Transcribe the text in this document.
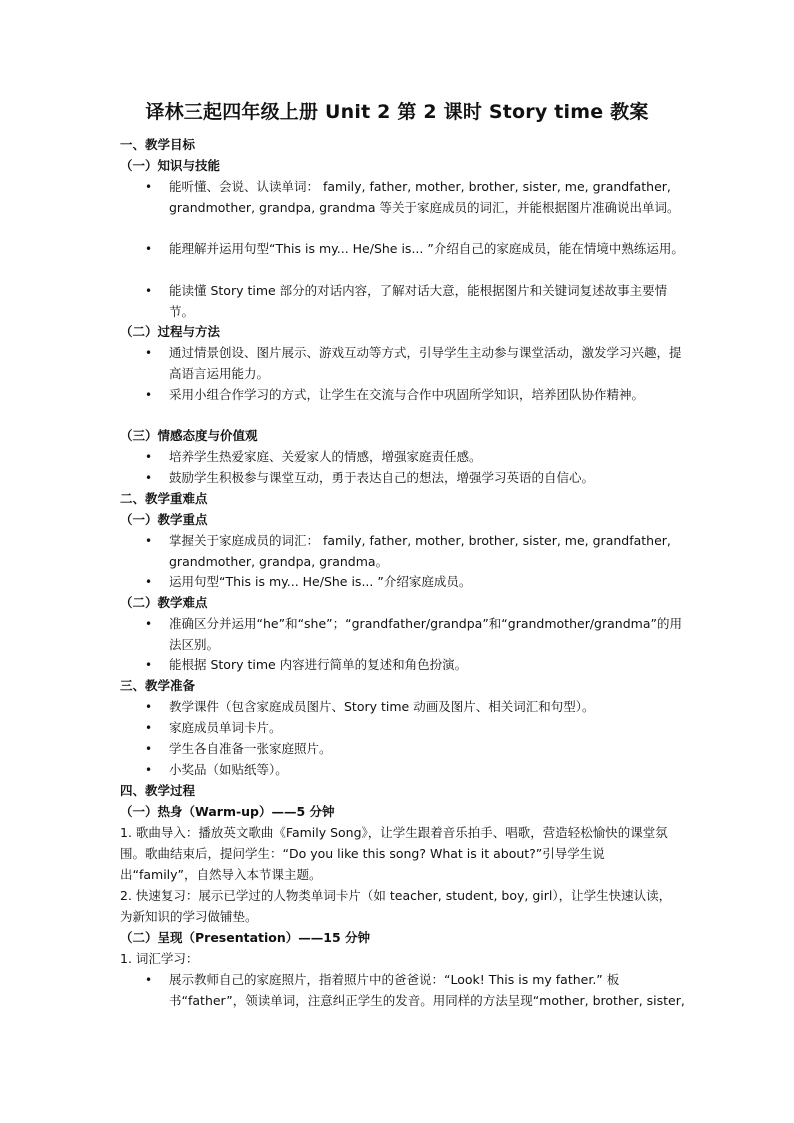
译林三起四年级上册 Unit 2 第 2 课时 Story time 教案
一、教学目标
（一）知识与技能
• 能听懂、会说、认读单词： family, father, mother, brother, sister, me, grandfather, grandmother, grandpa, grandma 等关于家庭成员的词汇，并能根据图片准确说出单词。
• 能理解并运用句型“This is my... He/She is... ”介绍自己的家庭成员，能在情境中熟练运用。
• 能读懂 Story time 部分的对话内容，了解对话大意，能根据图片和关键词复述故事主要情节。
（二）过程与方法
• 通过情景创设、图片展示、游戏互动等方式，引导学生主动参与课堂活动，激发学习兴趣，提高语言运用能力。
• 采用小组合作学习的方式，让学生在交流与合作中巩固所学知识，培养团队协作精神。
（三）情感态度与价值观
• 培养学生热爱家庭、关爱家人的情感，增强家庭责任感。
• 鼓励学生积极参与课堂互动，勇于表达自己的想法，增强学习英语的自信心。
二、教学重难点
（一）教学重点
• 掌握关于家庭成员的词汇： family, father, mother, brother, sister, me, grandfather, grandmother, grandpa, grandma。
• 运用句型“This is my... He/She is... ”介绍家庭成员。
（二）教学难点
• 准确区分并运用“he”和“she”；“grandfather/grandpa”和“grandmother/grandma”的用法区别。
• 能根据 Story time 内容进行简单的复述和角色扮演。
三、教学准备
• 教学课件（包含家庭成员图片、Story time 动画及图片、相关词汇和句型）。
• 家庭成员单词卡片。
• 学生各自准备一张家庭照片。
• 小奖品（如贴纸等）。
四、教学过程
（一）热身（Warm-up）——5 分钟
1. 歌曲导入：播放英文歌曲《Family Song》，让学生跟着音乐拍手、唱歌，营造轻松愉快的课堂氛围。歌曲结束后，提问学生：“Do you like this song? What is it about?”引导学生说出“family”，自然导入本节课主题。
2. 快速复习：展示已学过的人物类单词卡片（如 teacher, student, boy, girl），让学生快速认读，为新知识的学习做铺垫。
（二）呈现（Presentation）——15 分钟
1. 词汇学习：
• 展示教师自己的家庭照片，指着照片中的爸爸说：“Look! This is my father.” 板书“father”，领读单词，注意纠正学生的发音。用同样的方法呈现“mother, brother, sister,
